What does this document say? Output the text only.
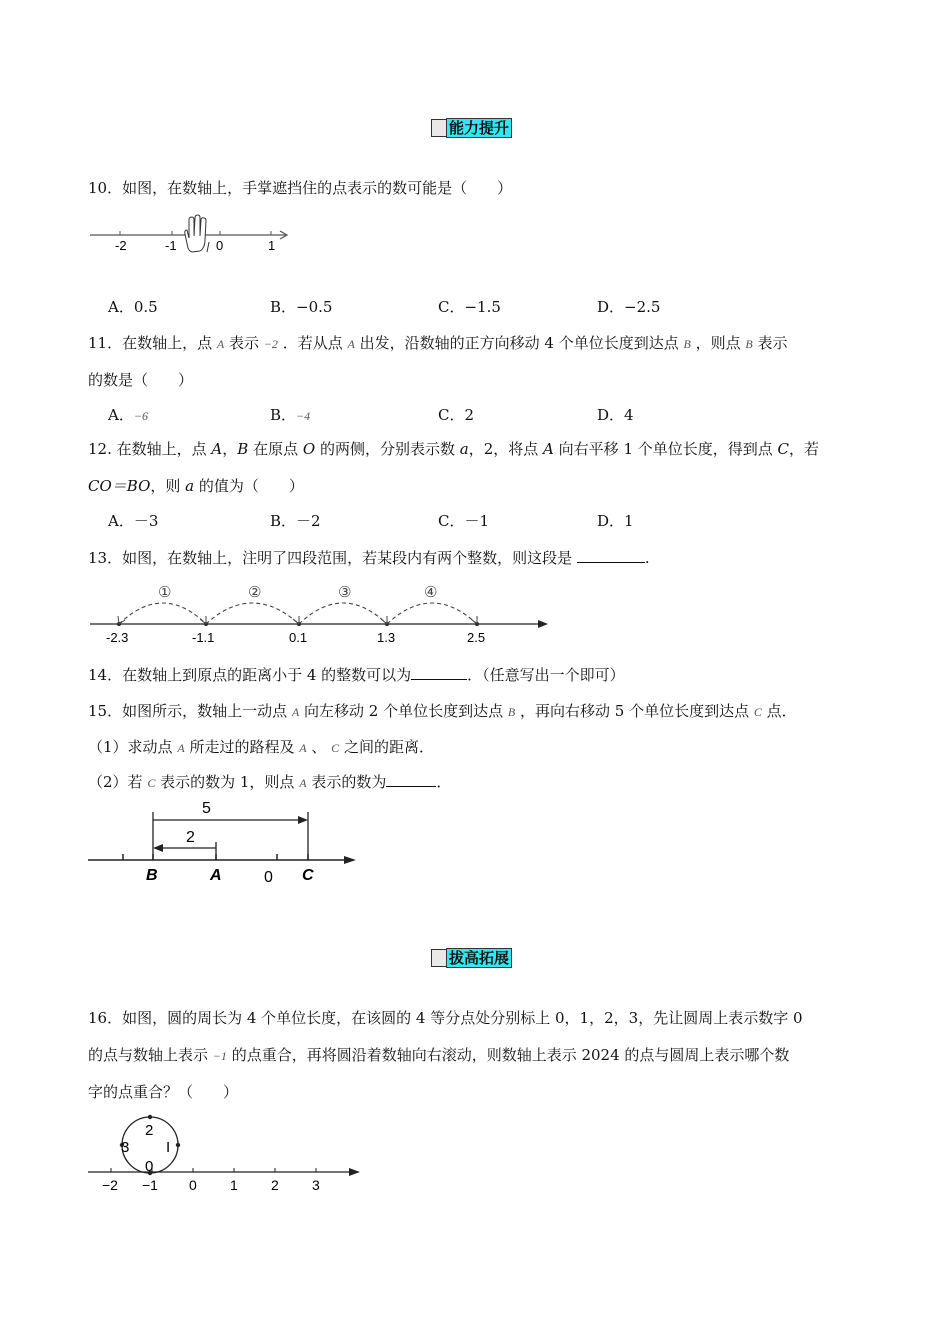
能力提升
10．如图，在数轴上，手掌遮挡住的点表示的数可能是（　　）
-2	-1	0	1
A．0.5	B．−0.5	C．−1.5	D．−2.5
11．在数轴上，点 A 表示 −2 ．若从点 A 出发，沿数轴的正方向移动 4 个单位长度到达点 B ，则点 B 表示
的数是（　　）
A．−6	B．−4	C．2	D．4
12. 在数轴上，点 A，B 在原点 O 的两侧，分别表示数 a，2，将点 A 向右平移 1 个单位长度，得到点 C，若
CO＝BO，则 a 的值为（　　）
A．－3	B．－2	C．－1	D．1
13．如图，在数轴上，注明了四段范围，若某段内有两个整数，则这段是	.
①	②	③	④
-2.3	-1.1	0.1	1.3	2.5
14．在数轴上到原点的距离小于 4 的整数可以为	．（任意写出一个即可）
15．如图所示，数轴上一动点 A 向左移动 2 个单位长度到达点 B ，再向右移动 5 个单位长度到达点 C 点．
（1）求动点 A 所走过的路程及 A 、 C 之间的距离．
（2）若 C 表示的数为 1，则点 A 表示的数为	．
5
2
B	A	0 C
拔高拓展
16．如图，圆的周长为 4 个单位长度，在该圆的 4 等分点处分别标上 0，1，2，3，先让圆周上表示数字 0
的点与数轴上表示 −1 的点重合，再将圆沿着数轴向右滚动，则数轴上表示 2024 的点与圆周上表示哪个数
字的点重合？（　　）
2
3 I
0
−2 −1 0 1 2 3
